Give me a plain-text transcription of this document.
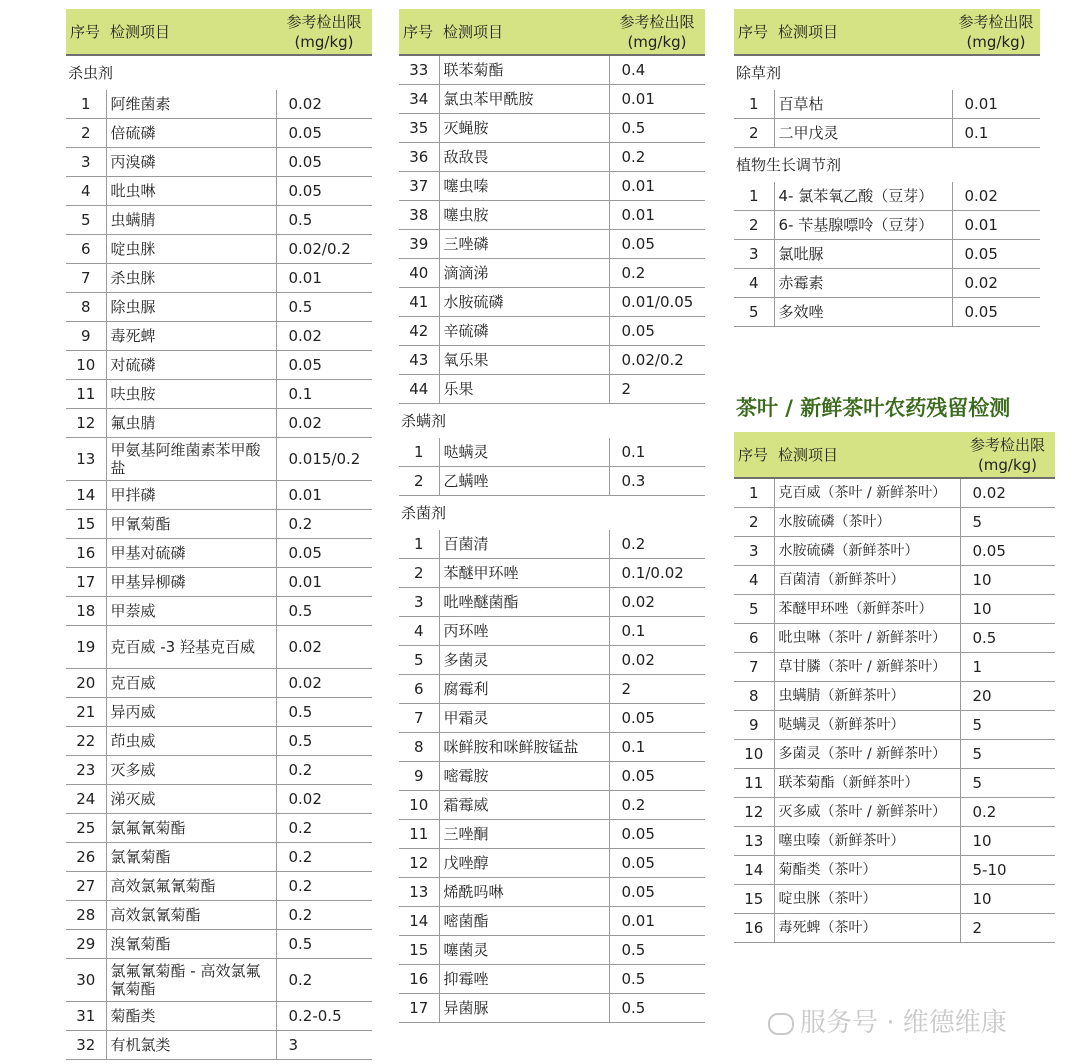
序号	检测项目	参考检出限
(mg/kg)
杀虫剂		
1	阿维菌素	0.02
2	倍硫磷	0.05
3	丙溴磷	0.05
4	吡虫啉	0.05
5	虫螨腈	0.5
6	啶虫脒	0.02/0.2
7	杀虫脒	0.01
8	除虫脲	0.5
9	毒死蜱	0.02
10	对硫磷	0.05
11	呋虫胺	0.1
12	氟虫腈	0.02
13	甲氨基阿维菌素苯甲酸盐	0.015/0.2
14	甲拌磷	0.01
15	甲氰菊酯	0.2
16	甲基对硫磷	0.05
17	甲基异柳磷	0.01
18	甲萘威	0.5
19	克百威 -3 羟基克百威	0.02
20	克百威	0.02
21	异丙威	0.5
22	茚虫威	0.5
23	灭多威	0.2
24	涕灭威	0.02
25	氯氟氰菊酯	0.2
26	氯氰菊酯	0.2
27	高效氯氟氰菊酯	0.2
28	高效氯氰菊酯	0.2
29	溴氰菊酯	0.5
30	氯氟氰菊酯 - 高效氯氟氰菊酯	0.2
31	菊酯类	0.2-0.5
32	有机氯类	3
序号	检测项目	参考检出限
(mg/kg)
33	联苯菊酯	0.4
34	氯虫苯甲酰胺	0.01
35	灭蝇胺	0.5
36	敌敌畏	0.2
37	噻虫嗪	0.01
38	噻虫胺	0.01
39	三唑磷	0.05
40	滴滴涕	0.2
41	水胺硫磷	0.01/0.05
42	辛硫磷	0.05
43	氧乐果	0.02/0.2
44	乐果	2
杀螨剂		
1	哒螨灵	0.1
2	乙螨唑	0.3
杀菌剂		
1	百菌清	0.2
2	苯醚甲环唑	0.1/0.02
3	吡唑醚菌酯	0.02
4	丙环唑	0.1
5	多菌灵	0.02
6	腐霉利	2
7	甲霜灵	0.05
8	咪鲜胺和咪鲜胺锰盐	0.1
9	嘧霉胺	0.05
10	霜霉威	0.2
11	三唑酮	0.05
12	戊唑醇	0.05
13	烯酰吗啉	0.05
14	嘧菌酯	0.01
15	噻菌灵	0.5
16	抑霉唑	0.5
17	异菌脲	0.5
序号	检测项目	参考检出限
(mg/kg)
除草剂		
1	百草枯	0.01
2	二甲戊灵	0.1
植物生长调节剂		
1	4- 氯苯氧乙酸（豆芽）	0.02
2	6- 苄基腺嘌呤（豆芽）	0.01
3	氯吡脲	0.05
4	赤霉素	0.02
5	多效唑	0.05
茶叶 / 新鲜茶叶农药残留检测
序号	检测项目	参考检出限
(mg/kg)
1	克百威（茶叶 / 新鲜茶叶）	0.02
2	水胺硫磷（茶叶）	5
3	水胺硫磷（新鲜茶叶）	0.05
4	百菌清（新鲜茶叶）	10
5	苯醚甲环唑（新鲜茶叶）	10
6	吡虫啉（茶叶 / 新鲜茶叶）	0.5
7	草甘膦（茶叶 / 新鲜茶叶）	1
8	虫螨腈（新鲜茶叶）	20
9	哒螨灵（新鲜茶叶）	5
10	多菌灵（茶叶 / 新鲜茶叶）	5
11	联苯菊酯（新鲜茶叶）	5
12	灭多威（茶叶 / 新鲜茶叶）	0.2
13	噻虫嗪（新鲜茶叶）	10
14	菊酯类（茶叶）	5-10
15	啶虫脒（茶叶）	10
16	毒死蜱（茶叶）	2
服务号 · 维德维康
